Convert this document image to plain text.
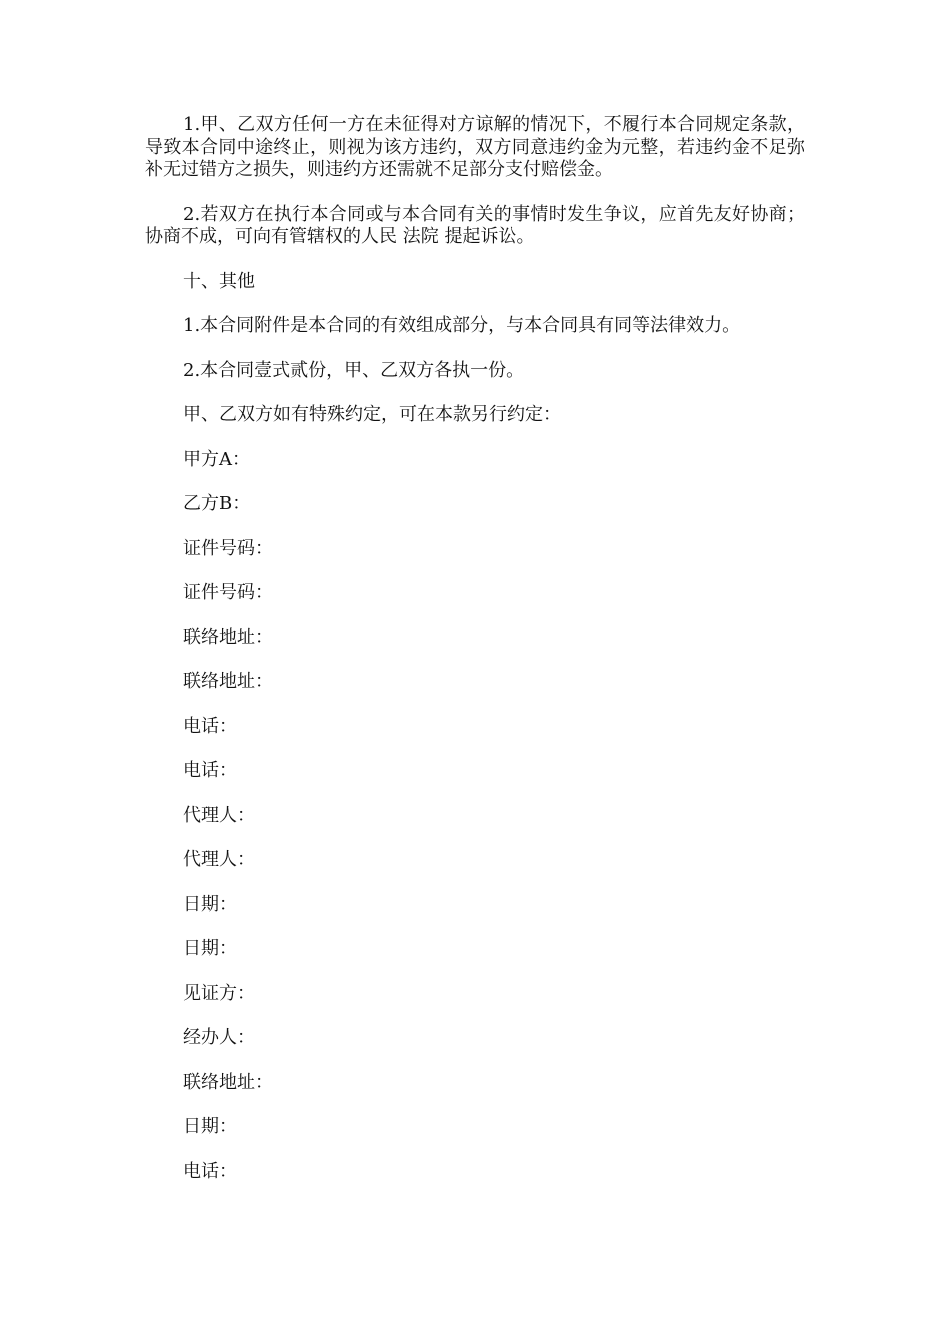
1.甲、乙双方任何一方在未征得对方谅解的情况下，不履行本合同规定条款，导致本合同中途终止，则视为该方违约，双方同意违约金为元整，若违约金不足弥补无过错方之损失，则违约方还需就不足部分支付赔偿金。

2.若双方在执行本合同或与本合同有关的事情时发生争议，应首先友好协商；协商不成，可向有管辖权的人民 法院 提起诉讼。

十、其他

1.本合同附件是本合同的有效组成部分，与本合同具有同等法律效力。

2.本合同壹式贰份，甲、乙双方各执一份。

甲、乙双方如有特殊约定，可在本款另行约定：

甲方A：

乙方B：

证件号码：

证件号码：

联络地址：

联络地址：

电话：

电话：

代理人：

代理人：

日期：

日期：

见证方：

经办人：

联络地址：

日期：

电话：
